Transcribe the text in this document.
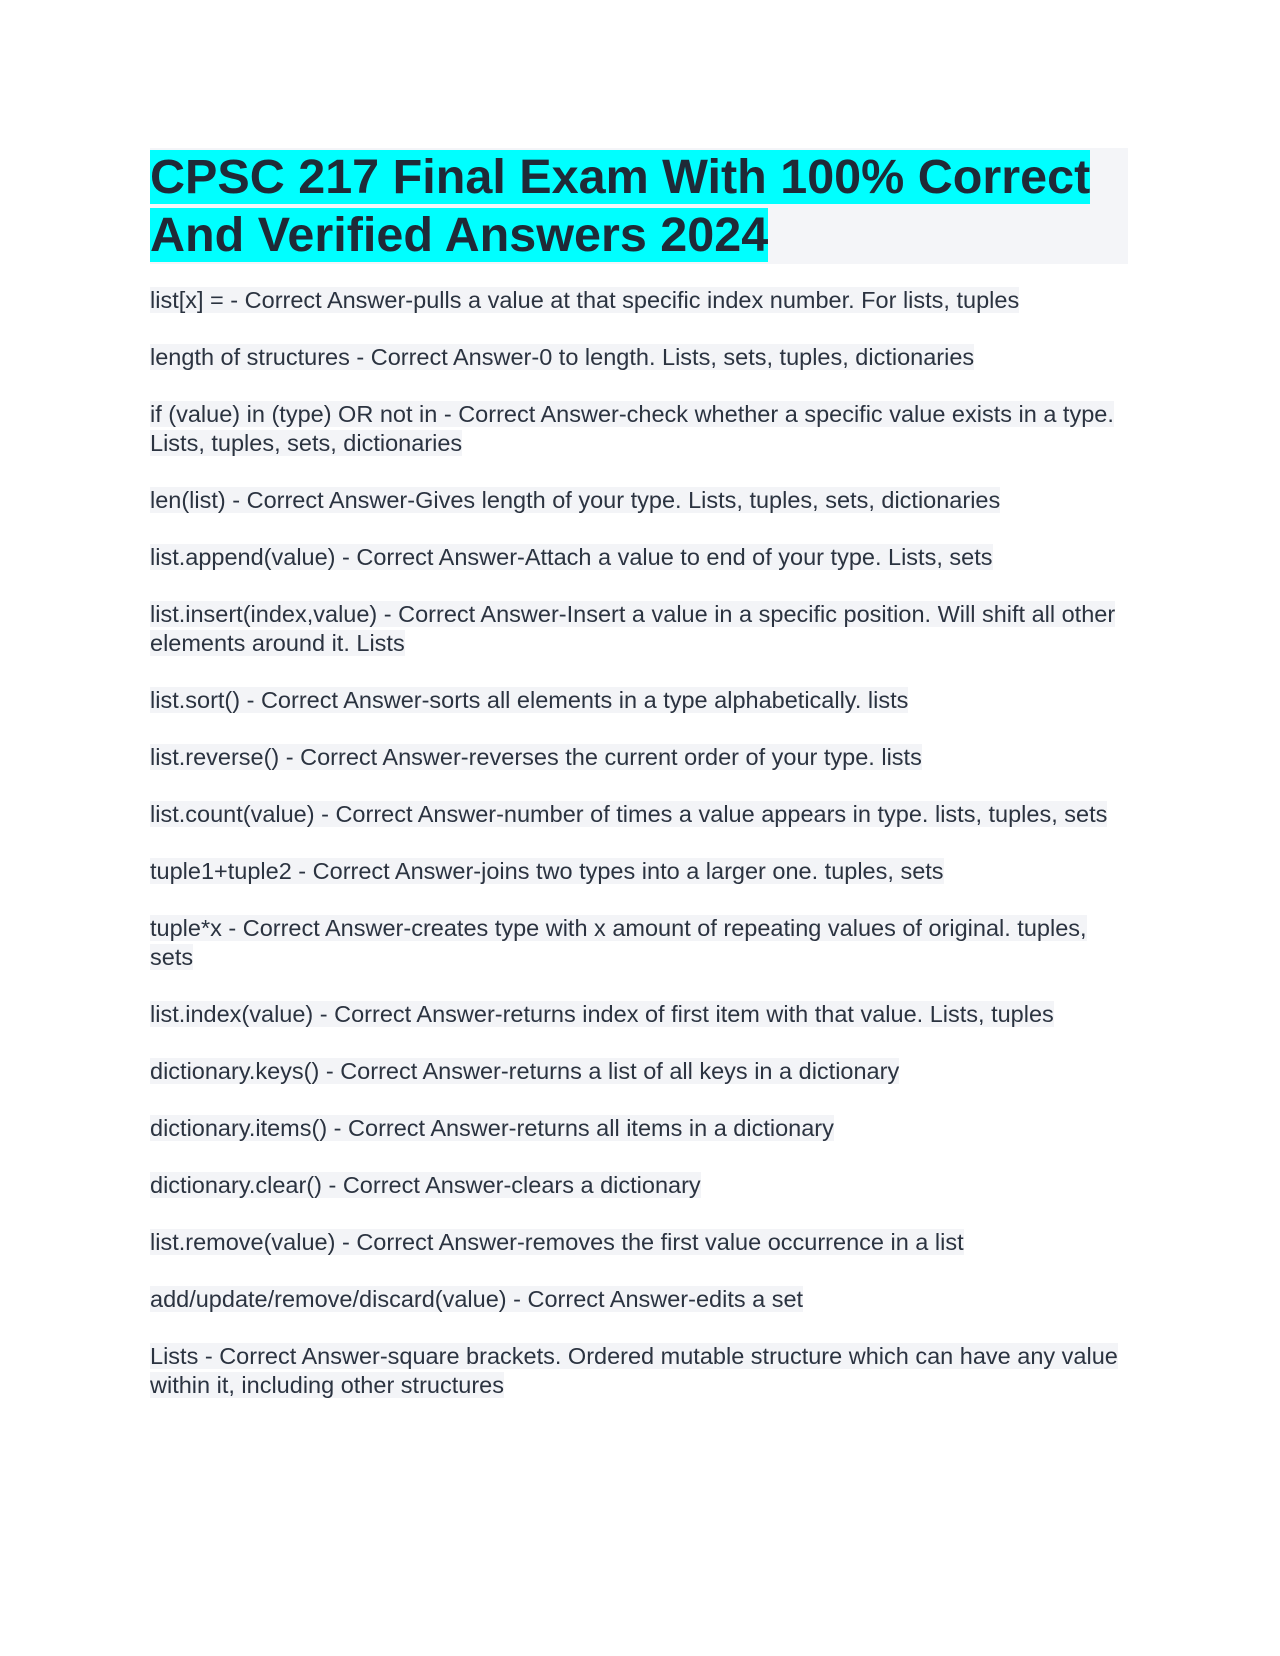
CPSC 217 Final Exam With 100% Correct And Verified Answers 2024
list[x] = - Correct Answer-pulls a value at that specific index number. For lists, tuples
length of structures - Correct Answer-0 to length. Lists, sets, tuples, dictionaries
if (value) in (type) OR not in - Correct Answer-check whether a specific value exists in a type. Lists, tuples, sets, dictionaries
len(list) - Correct Answer-Gives length of your type. Lists, tuples, sets, dictionaries
list.append(value) - Correct Answer-Attach a value to end of your type. Lists, sets
list.insert(index,value) - Correct Answer-Insert a value in a specific position. Will shift all other elements around it. Lists
list.sort() - Correct Answer-sorts all elements in a type alphabetically. lists
list.reverse() - Correct Answer-reverses the current order of your type. lists
list.count(value) - Correct Answer-number of times a value appears in type. lists, tuples, sets
tuple1+tuple2 - Correct Answer-joins two types into a larger one. tuples, sets
tuple*x - Correct Answer-creates type with x amount of repeating values of original. tuples, sets
list.index(value) - Correct Answer-returns index of first item with that value. Lists, tuples
dictionary.keys() - Correct Answer-returns a list of all keys in a dictionary
dictionary.items() - Correct Answer-returns all items in a dictionary
dictionary.clear() - Correct Answer-clears a dictionary
list.remove(value) - Correct Answer-removes the first value occurrence in a list
add/update/remove/discard(value) - Correct Answer-edits a set
Lists - Correct Answer-square brackets. Ordered mutable structure which can have any value within it, including other structures
